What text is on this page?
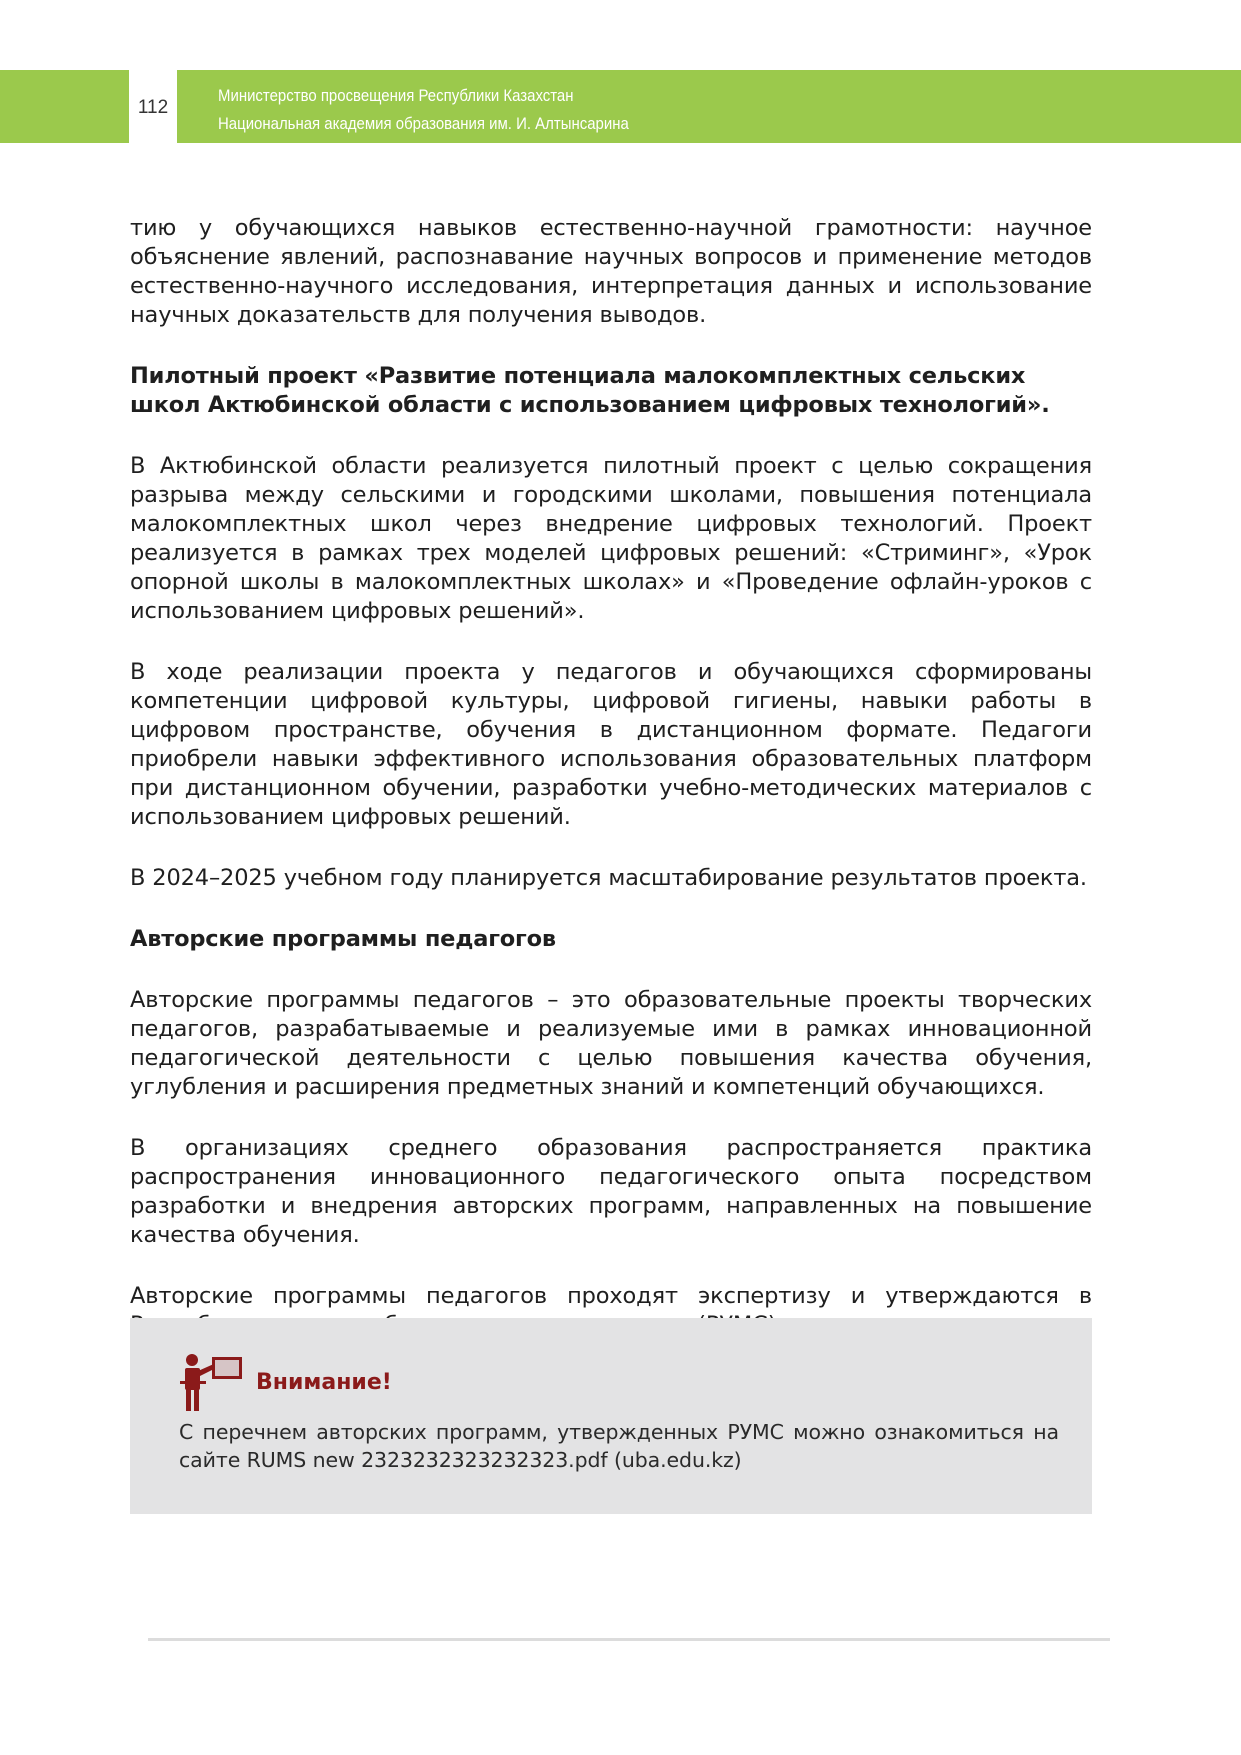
112
Министерство просвещения Республики Казахстан
Национальная академия образования им. И. Алтынсарина

тию у обучающихся навыков естественно-научной грамотности: научное объяснение явлений, распознавание научных вопросов и применение методов естественно-научного исследования, интерпретация данных и использование научных доказательств для получения выводов.

Пилотный проект «Развитие потенциала малокомплектных сельских школ Актюбинской области с использованием цифровых технологий».

В Актюбинской области реализуется пилотный проект с целью сокращения разрыва между сельскими и городскими школами, повышения потенциала малокомплектных школ через внедрение цифровых технологий. Проект реализуется в рамках трех моделей цифровых решений: «Стриминг», «Урок опорной школы в малокомплектных школах» и «Проведение офлайн-уроков с использованием цифровых решений».

В ходе реализации проекта у педагогов и обучающихся сформированы компетенции цифровой культуры, цифровой гигиены, навыки работы в цифровом пространстве, обучения в дистанционном формате. Педагоги приобрели навыки эффективного использования образовательных платформ при дистанционном обучении, разработки учебно-методических материалов с использованием цифровых решений.

В 2024–2025 учебном году планируется масштабирование результатов проекта.

Авторские программы педагогов

Авторские программы педагогов – это образовательные проекты творческих педагогов, разрабатываемые и реализуемые ими в рамках инновационной педагогической деятельности с целью повышения качества обучения, углубления и расширения предметных знаний и компетенций обучающихся.

В организациях среднего образования распространяется практика распространения инновационного педагогического опыта посредством разработки и внедрения авторских программ, направленных на повышение качества обучения.

Авторские программы педагогов проходят экспертизу и утверждаются в

Внимание!
С перечнем авторских программ, утвержденных РУМС можно ознакомиться на сайте RUMS new 2323232323232323.pdf (uba.edu.kz)
